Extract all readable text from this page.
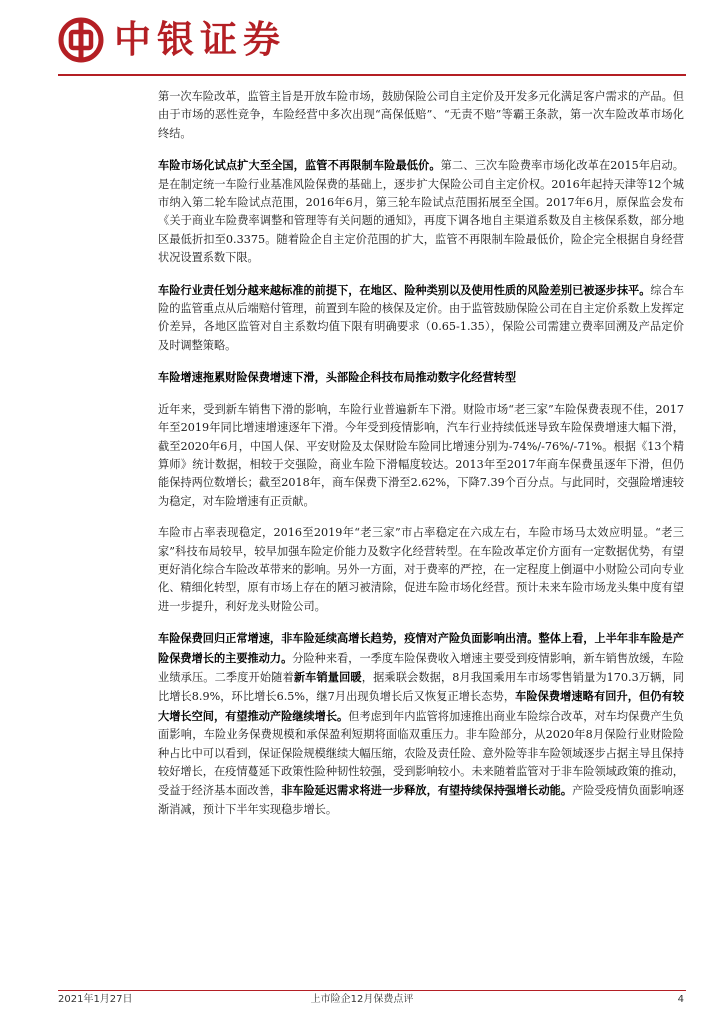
中银证券

第一次车险改革，监管主旨是开放车险市场，鼓励保险公司自主定价及开发多元化满足客户需求的产品。但由于市场的恶性竞争，车险经营中多次出现“高保低赔”、“无责不赔”等霸王条款，第一次车险改革市场化终结。

车险市场化试点扩大至全国，监管不再限制车险最低价。第二、三次车险费率市场化改革在2015年启动。是在制定统一车险行业基准风险保费的基础上，逐步扩大保险公司自主定价权。2016年起持天津等12个城市纳入第二轮车险试点范围，2016年6月，第三轮车险试点范围拓展至全国。2017年6月，原保监会发布《关于商业车险费率调整和管理等有关问题的通知》，再度下调各地自主渠道系数及自主核保系数，部分地区最低折扣至0.3375。随着险企自主定价范围的扩大，监管不再限制车险最低价，险企完全根据自身经营状况设置系数下限。

车险行业责任划分越来越标准的前提下，在地区、险种类别以及使用性质的风险差别已被逐步抹平。综合车险的监管重点从后端赔付管理，前置到车险的核保及定价。由于监管鼓励保险公司在自主定价系数上发挥定价差异，各地区监管对自主系数均值下限有明确要求（0.65-1.35），保险公司需建立费率回溯及产品定价及时调整策略。

车险增速拖累财险保费增速下滑，头部险企科技布局推动数字化经营转型

近年来，受到新车销售下滑的影响，车险行业普遍新车下滑。财险市场“老三家”车险保费表现不佳，2017年至2019年同比增速增速逐年下滑。今年受到疫情影响，汽车行业持续低迷导致车险保费增速大幅下滑，截至2020年6月，中国人保、平安财险及太保财险车险同比增速分别为-74%/-76%/-71%。根据《13个精算师》统计数据，相较于交强险，商业车险下滑幅度较达。2013年至2017年商车保费虽逐年下滑，但仍能保持两位数增长；截至2018年，商车保费下滑至2.62%，下降7.39个百分点。与此同时，交强险增速较为稳定，对车险增速有正贡献。

车险市占率表现稳定，2016至2019年“老三家”市占率稳定在六成左右，车险市场马太效应明显。“老三家”科技布局较早，较早加强车险定价能力及数字化经营转型。在车险改革定价方面有一定数据优势，有望更好消化综合车险改革带来的影响。另外一方面，对于费率的严控，在一定程度上倒逼中小财险公司向专业化、精细化转型，原有市场上存在的陋习被清除，促进车险市场化经营。预计未来车险市场龙头集中度有望进一步提升，利好龙头财险公司。

车险保费回归正常增速，非车险延续高增长趋势，疫情对产险负面影响出清。整体上看，上半年非车险是产险保费增长的主要推动力。分险种来看，一季度车险保费收入增速主要受到疫情影响，新车销售放缓，车险业绩承压。二季度开始随着新车销量回暖，据乘联会数据，8月我国乘用车市场零售销量为170.3万辆，同比增长8.9%，环比增长6.5%，继7月出现负增长后又恢复正增长态势，车险保费增速略有回升，但仍有较大增长空间，有望推动产险继续增长。但考虑到年内监管将加速推出商业车险综合改革，对车均保费产生负面影响，车险业务保费规模和承保盈利短期将面临双重压力。非车险部分，从2020年8月保险行业财险险种占比中可以看到，保证保险规模继续大幅压缩，农险及责任险、意外险等非车险领域逐步占据主导且保持较好增长，在疫情蔓延下政策性险种韧性较强，受到影响较小。未来随着监管对于非车险领域政策的推动，受益于经济基本面改善，非车险延迟需求将进一步释放，有望持续保持强增长动能。产险受疫情负面影响逐渐消减，预计下半年实现稳步增长。

2021年1月27日	上市险企12月保费点评	4
